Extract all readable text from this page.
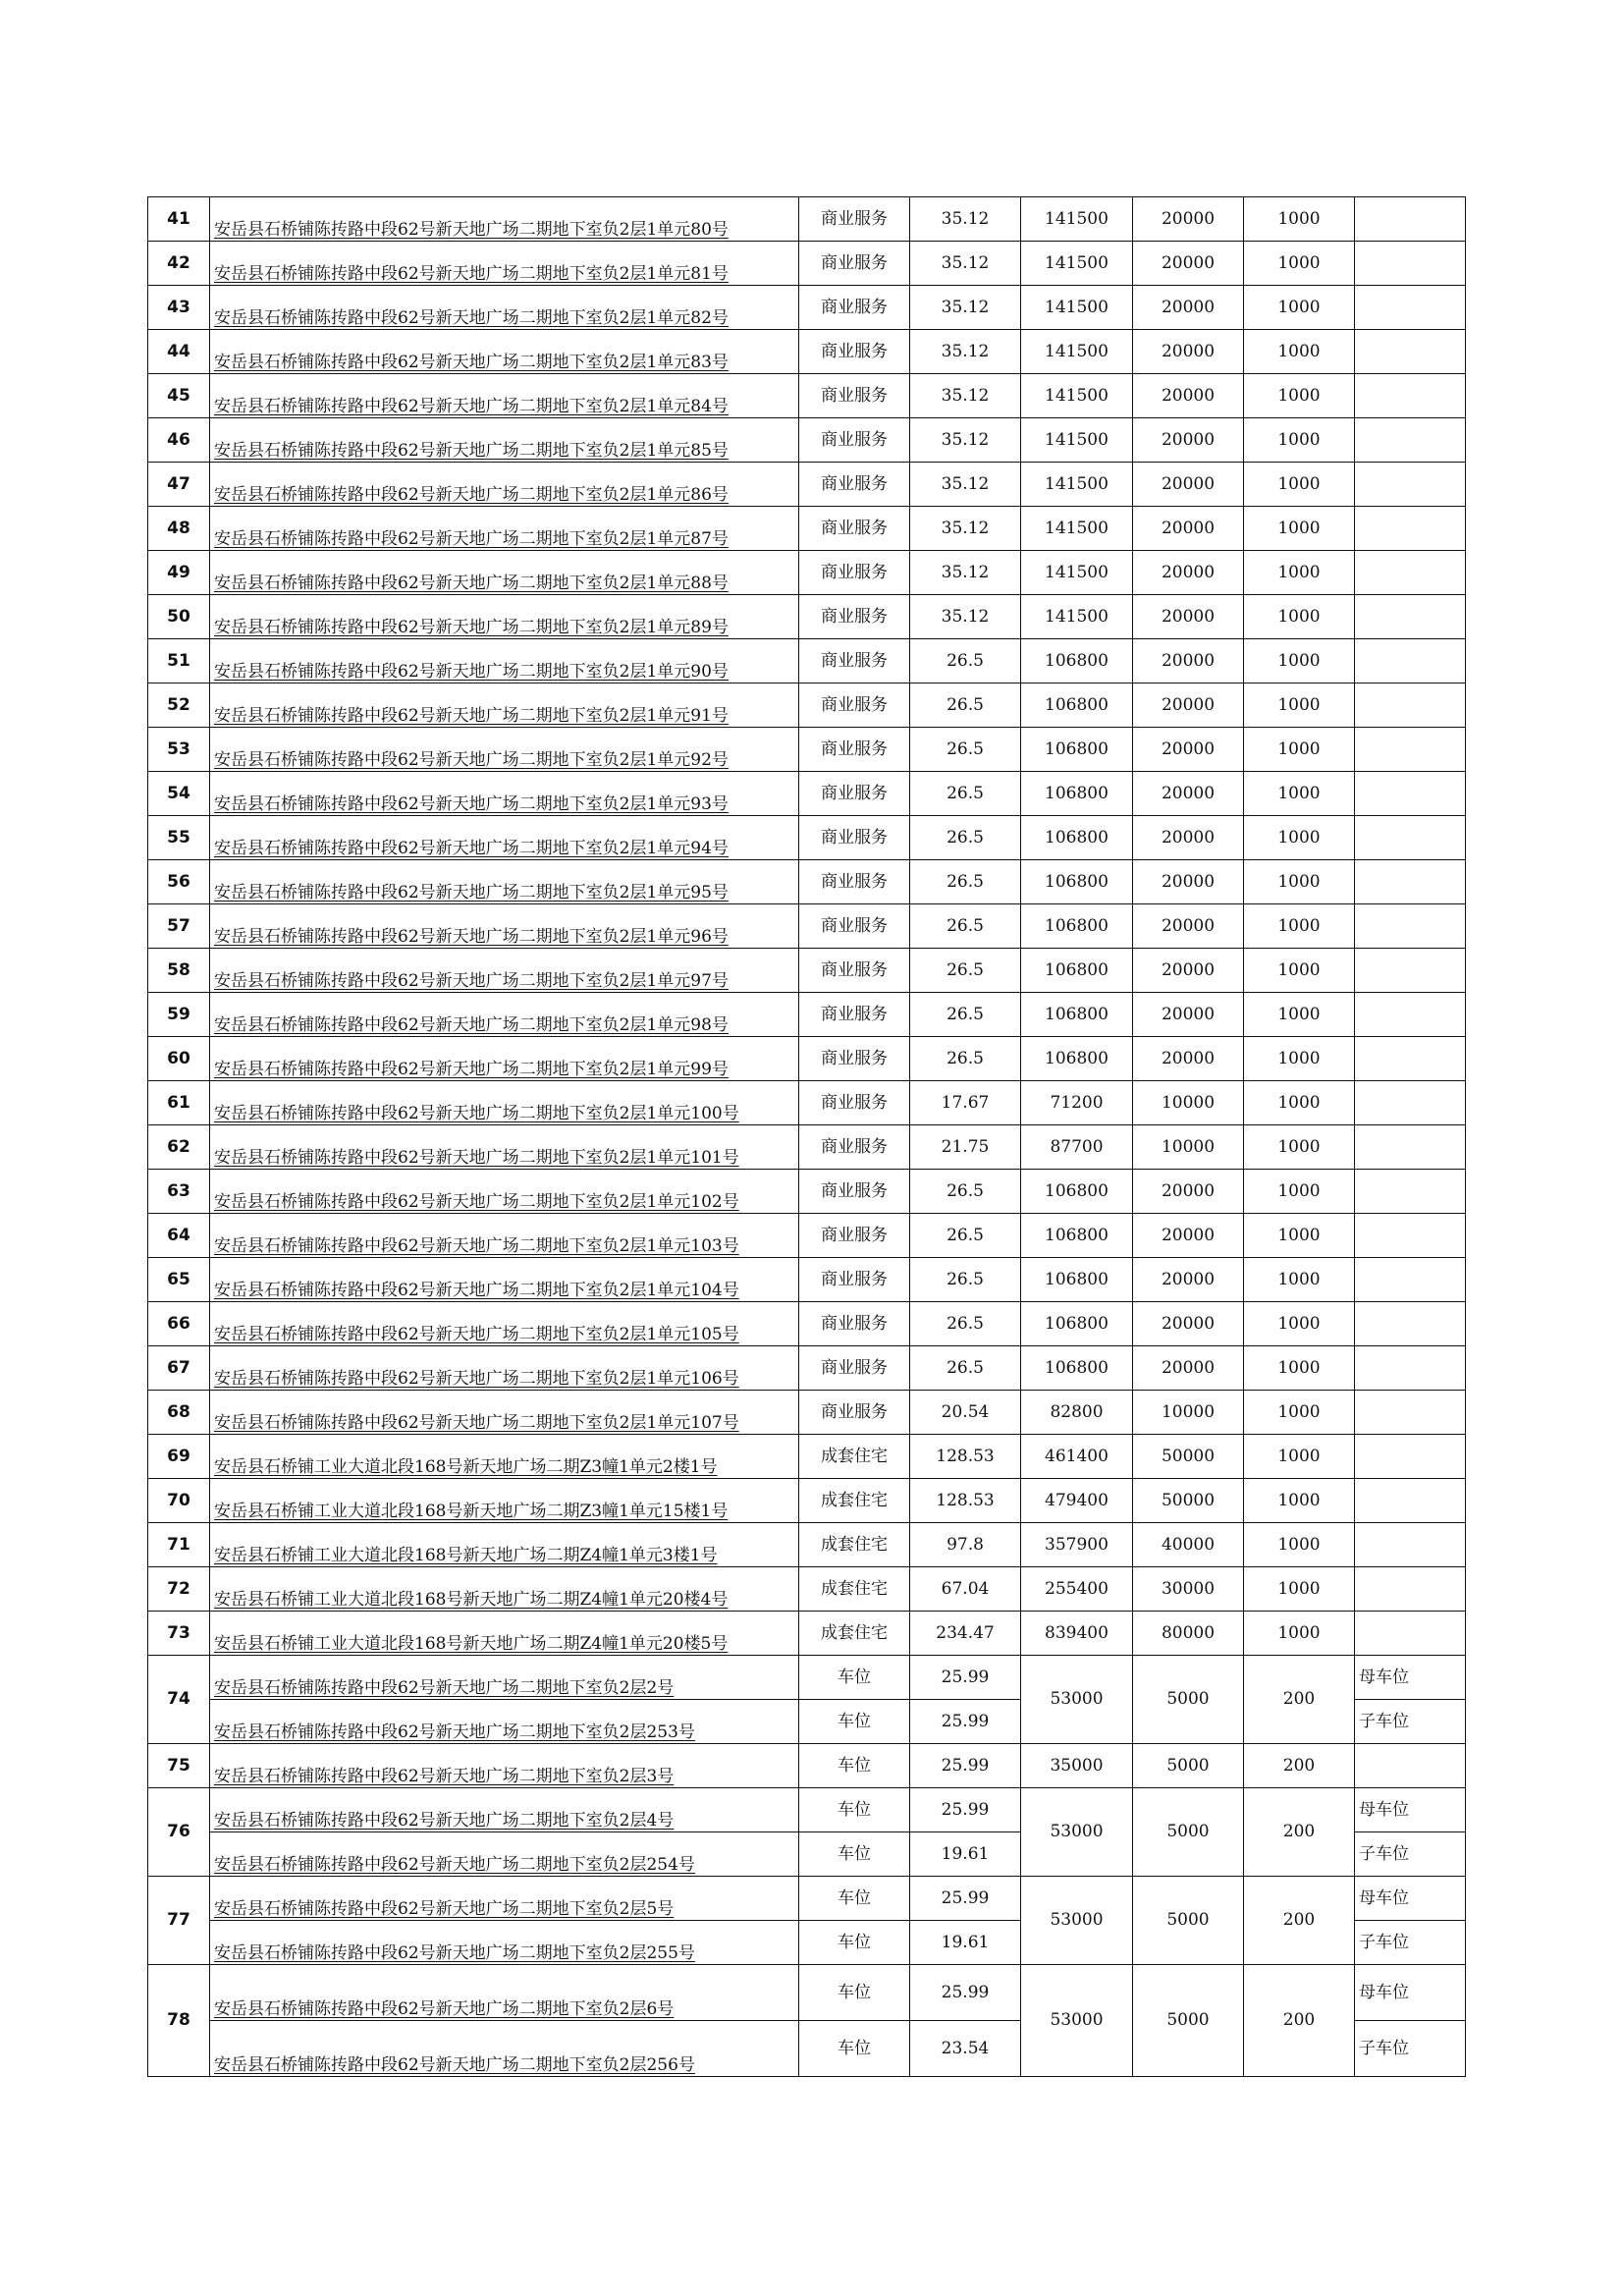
41	安岳县石桥铺陈抟路中段62号新天地广场二期地下室负2层1单元80号	商业服务	35.12	141500	20000	1000	
42	安岳县石桥铺陈抟路中段62号新天地广场二期地下室负2层1单元81号	商业服务	35.12	141500	20000	1000	
43	安岳县石桥铺陈抟路中段62号新天地广场二期地下室负2层1单元82号	商业服务	35.12	141500	20000	1000	
44	安岳县石桥铺陈抟路中段62号新天地广场二期地下室负2层1单元83号	商业服务	35.12	141500	20000	1000	
45	安岳县石桥铺陈抟路中段62号新天地广场二期地下室负2层1单元84号	商业服务	35.12	141500	20000	1000	
46	安岳县石桥铺陈抟路中段62号新天地广场二期地下室负2层1单元85号	商业服务	35.12	141500	20000	1000	
47	安岳县石桥铺陈抟路中段62号新天地广场二期地下室负2层1单元86号	商业服务	35.12	141500	20000	1000	
48	安岳县石桥铺陈抟路中段62号新天地广场二期地下室负2层1单元87号	商业服务	35.12	141500	20000	1000	
49	安岳县石桥铺陈抟路中段62号新天地广场二期地下室负2层1单元88号	商业服务	35.12	141500	20000	1000	
50	安岳县石桥铺陈抟路中段62号新天地广场二期地下室负2层1单元89号	商业服务	35.12	141500	20000	1000	
51	安岳县石桥铺陈抟路中段62号新天地广场二期地下室负2层1单元90号	商业服务	26.5	106800	20000	1000	
52	安岳县石桥铺陈抟路中段62号新天地广场二期地下室负2层1单元91号	商业服务	26.5	106800	20000	1000	
53	安岳县石桥铺陈抟路中段62号新天地广场二期地下室负2层1单元92号	商业服务	26.5	106800	20000	1000	
54	安岳县石桥铺陈抟路中段62号新天地广场二期地下室负2层1单元93号	商业服务	26.5	106800	20000	1000	
55	安岳县石桥铺陈抟路中段62号新天地广场二期地下室负2层1单元94号	商业服务	26.5	106800	20000	1000	
56	安岳县石桥铺陈抟路中段62号新天地广场二期地下室负2层1单元95号	商业服务	26.5	106800	20000	1000	
57	安岳县石桥铺陈抟路中段62号新天地广场二期地下室负2层1单元96号	商业服务	26.5	106800	20000	1000	
58	安岳县石桥铺陈抟路中段62号新天地广场二期地下室负2层1单元97号	商业服务	26.5	106800	20000	1000	
59	安岳县石桥铺陈抟路中段62号新天地广场二期地下室负2层1单元98号	商业服务	26.5	106800	20000	1000	
60	安岳县石桥铺陈抟路中段62号新天地广场二期地下室负2层1单元99号	商业服务	26.5	106800	20000	1000	
61	安岳县石桥铺陈抟路中段62号新天地广场二期地下室负2层1单元100号	商业服务	17.67	71200	10000	1000	
62	安岳县石桥铺陈抟路中段62号新天地广场二期地下室负2层1单元101号	商业服务	21.75	87700	10000	1000	
63	安岳县石桥铺陈抟路中段62号新天地广场二期地下室负2层1单元102号	商业服务	26.5	106800	20000	1000	
64	安岳县石桥铺陈抟路中段62号新天地广场二期地下室负2层1单元103号	商业服务	26.5	106800	20000	1000	
65	安岳县石桥铺陈抟路中段62号新天地广场二期地下室负2层1单元104号	商业服务	26.5	106800	20000	1000	
66	安岳县石桥铺陈抟路中段62号新天地广场二期地下室负2层1单元105号	商业服务	26.5	106800	20000	1000	
67	安岳县石桥铺陈抟路中段62号新天地广场二期地下室负2层1单元106号	商业服务	26.5	106800	20000	1000	
68	安岳县石桥铺陈抟路中段62号新天地广场二期地下室负2层1单元107号	商业服务	20.54	82800	10000	1000	
69	安岳县石桥铺工业大道北段168号新天地广场二期Z3幢1单元2楼1号	成套住宅	128.53	461400	50000	1000	
70	安岳县石桥铺工业大道北段168号新天地广场二期Z3幢1单元15楼1号	成套住宅	128.53	479400	50000	1000	
71	安岳县石桥铺工业大道北段168号新天地广场二期Z4幢1单元3楼1号	成套住宅	97.8	357900	40000	1000	
72	安岳县石桥铺工业大道北段168号新天地广场二期Z4幢1单元20楼4号	成套住宅	67.04	255400	30000	1000	
73	安岳县石桥铺工业大道北段168号新天地广场二期Z4幢1单元20楼5号	成套住宅	234.47	839400	80000	1000	
74	安岳县石桥铺陈抟路中段62号新天地广场二期地下室负2层2号	车位	25.99	53000	5000	200	母车位
	安岳县石桥铺陈抟路中段62号新天地广场二期地下室负2层253号	车位	25.99				子车位
75	安岳县石桥铺陈抟路中段62号新天地广场二期地下室负2层3号	车位	25.99	35000	5000	200	
76	安岳县石桥铺陈抟路中段62号新天地广场二期地下室负2层4号	车位	25.99	53000	5000	200	母车位
	安岳县石桥铺陈抟路中段62号新天地广场二期地下室负2层254号	车位	19.61				子车位
77	安岳县石桥铺陈抟路中段62号新天地广场二期地下室负2层5号	车位	25.99	53000	5000	200	母车位
	安岳县石桥铺陈抟路中段62号新天地广场二期地下室负2层255号	车位	19.61				子车位
78	安岳县石桥铺陈抟路中段62号新天地广场二期地下室负2层6号	车位	25.99	53000	5000	200	母车位
	安岳县石桥铺陈抟路中段62号新天地广场二期地下室负2层256号	车位	23.54				子车位
